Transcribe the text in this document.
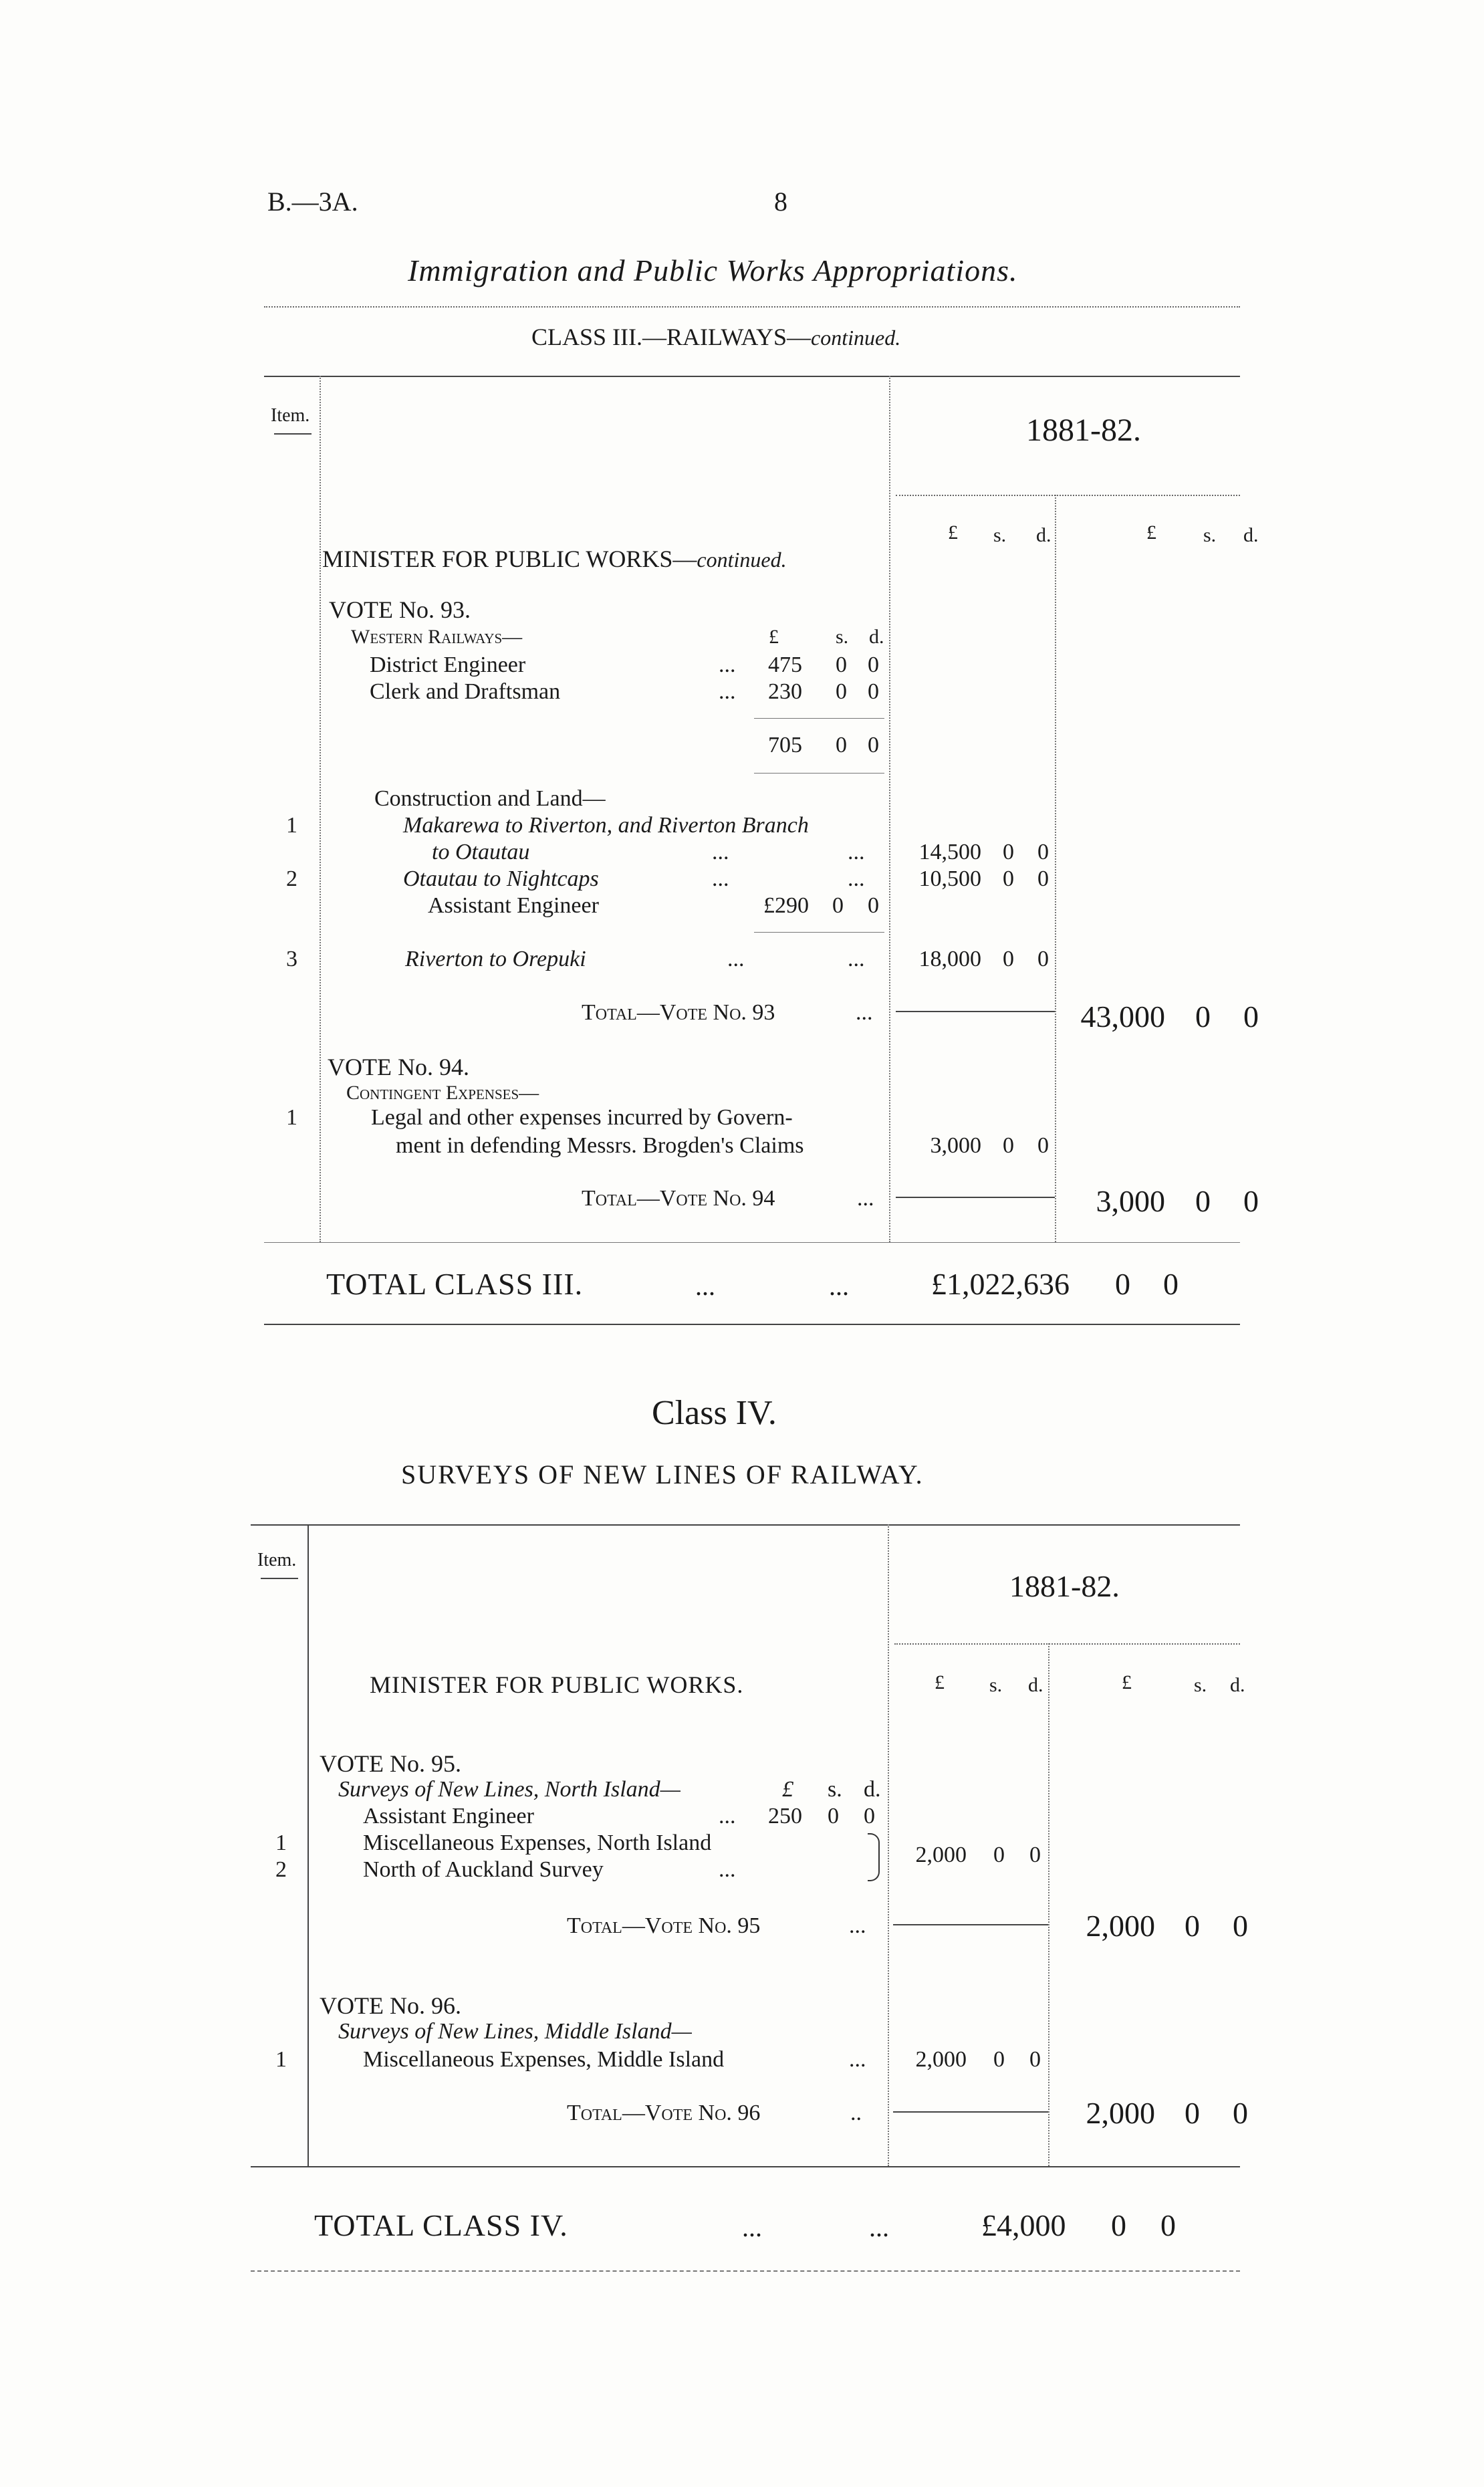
B.—3A.	8
Immigration and Public Works Appropriations.
CLASS III.—RAILWAYS—continued.
Item.	1881-82.
£ s. d.	£ s. d.
MINISTER FOR PUBLIC WORKS—continued.
VOTE No. 93.
Western Railways—	£	s. d.
District Engineer	...	475 0 0
Clerk and Draftsman	...	230 0 0
705 0 0
Construction and Land—
1	Makarewa to Riverton, and Riverton Branch
to Otautau	...	...	14,500 0 0
2	Otautau to Nightcaps	...	...	10,500 0 0
Assistant Engineer	£290 0 0
3	Riverton to Orepuki	...	...	18,000 0 0
Total—Vote No. 93	...	43,000 0 0
VOTE No. 94.
Contingent Expenses—
1	Legal and other expenses incurred by Govern-
ment in defending Messrs. Brogden's Claims	3,000 0 0
Total—Vote No. 94	...	3,000 0 0
TOTAL CLASS III.	...	...	£1,022,636 0 0
Class IV.
SURVEYS OF NEW LINES OF RAILWAY.
Item.
1881-82.
£ s. d.	£	s. d.
MINISTER FOR PUBLIC WORKS.
VOTE No. 95.
Surveys of New Lines, North Island—	£ s. d.
Assistant Engineer	...	250 0 0
1	Miscellaneous Expenses, North Island
2	North of Auckland Survey	...
2,000 0 0
Total—Vote No. 95	...	2,000 0 0
VOTE No. 96.
Surveys of New Lines, Middle Island—
1	Miscellaneous Expenses, Middle Island	...	2,000 0 0
Total—Vote No. 96	..	2,000 0 0
TOTAL CLASS IV.	...	...	£4,000 0 0
